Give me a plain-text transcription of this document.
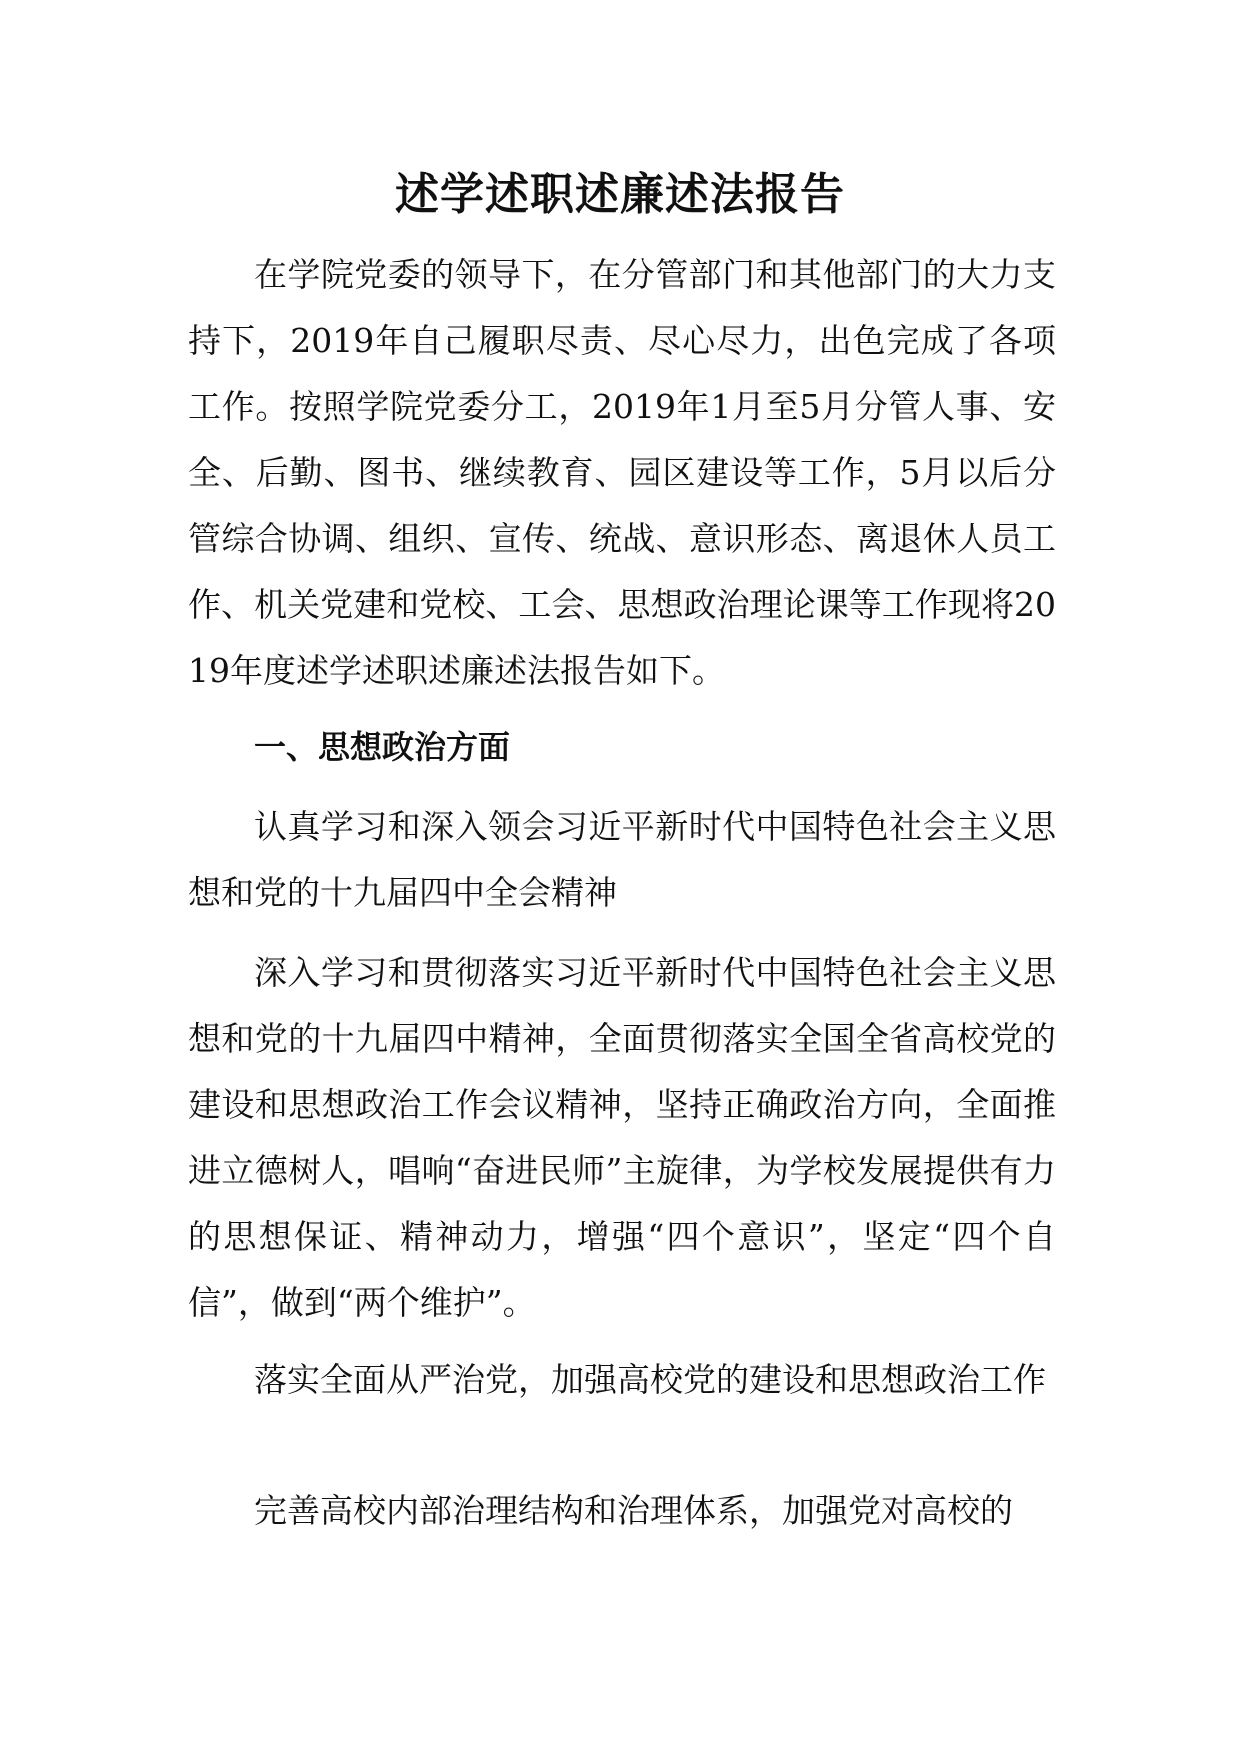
述学述职述廉述法报告

在学院党委的领导下，在分管部门和其他部门的大力支持下，2019年自己履职尽责、尽心尽力，出色完成了各项工作。按照学院党委分工，2019年1月至5月分管人事、安全、后勤、图书、继续教育、园区建设等工作，5月以后分管综合协调、组织、宣传、统战、意识形态、离退休人员工作、机关党建和党校、工会、思想政治理论课等工作现将2019年度述学述职述廉述法报告如下。

一、思想政治方面

认真学习和深入领会习近平新时代中国特色社会主义思想和党的十九届四中全会精神

深入学习和贯彻落实习近平新时代中国特色社会主义思想和党的十九届四中精神，全面贯彻落实全国全省高校党的建设和思想政治工作会议精神，坚持正确政治方向，全面推进立德树人，唱响“奋进民师”主旋律，为学校发展提供有力的思想保证、精神动力，增强“四个意识”，坚定“四个自信”，做到“两个维护”。

落实全面从严治党，加强高校党的建设和思想政治工作

完善高校内部治理结构和治理体系，加强党对高校的
